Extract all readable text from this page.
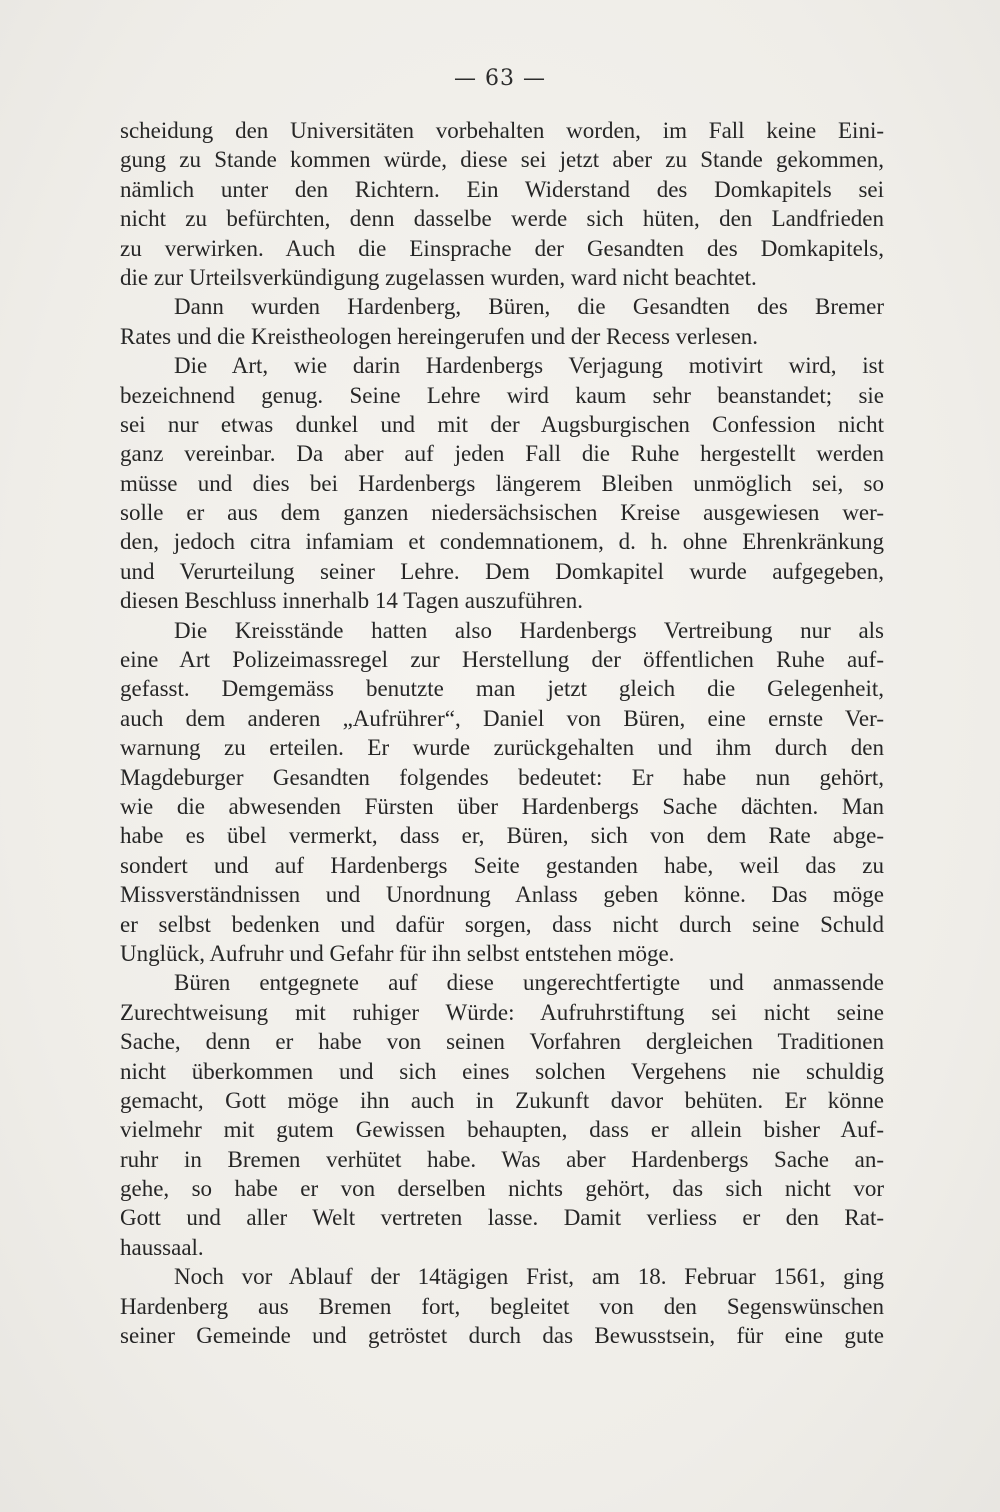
— 63 —
scheidung den Universitäten vorbehalten worden, im Fall keine Eini-
gung zu Stande kommen würde, diese sei jetzt aber zu Stande gekommen,
nämlich unter den Richtern. Ein Widerstand des Domkapitels sei
nicht zu befürchten, denn dasselbe werde sich hüten, den Landfrieden
zu verwirken. Auch die Einsprache der Gesandten des Domkapitels,
die zur Urteilsverkündigung zugelassen wurden, ward nicht beachtet.
Dann wurden Hardenberg, Büren, die Gesandten des Bremer
Rates und die Kreistheologen hereingerufen und der Recess verlesen.
Die Art, wie darin Hardenbergs Verjagung motivirt wird, ist
bezeichnend genug. Seine Lehre wird kaum sehr beanstandet; sie
sei nur etwas dunkel und mit der Augsburgischen Confession nicht
ganz vereinbar. Da aber auf jeden Fall die Ruhe hergestellt werden
müsse und dies bei Hardenbergs längerem Bleiben unmöglich sei, so
solle er aus dem ganzen niedersächsischen Kreise ausgewiesen wer-
den, jedoch citra infamiam et condemnationem, d. h. ohne Ehrenkränkung
und Verurteilung seiner Lehre. Dem Domkapitel wurde aufgegeben,
diesen Beschluss innerhalb 14 Tagen auszuführen.
Die Kreisstände hatten also Hardenbergs Vertreibung nur als
eine Art Polizeimassregel zur Herstellung der öffentlichen Ruhe auf-
gefasst. Demgemäss benutzte man jetzt gleich die Gelegenheit,
auch dem anderen „Aufrührer“, Daniel von Büren, eine ernste Ver-
warnung zu erteilen. Er wurde zurückgehalten und ihm durch den
Magdeburger Gesandten folgendes bedeutet: Er habe nun gehört,
wie die abwesenden Fürsten über Hardenbergs Sache dächten. Man
habe es übel vermerkt, dass er, Büren, sich von dem Rate abge-
sondert und auf Hardenbergs Seite gestanden habe, weil das zu
Missverständnissen und Unordnung Anlass geben könne. Das möge
er selbst bedenken und dafür sorgen, dass nicht durch seine Schuld
Unglück, Aufruhr und Gefahr für ihn selbst entstehen möge.
Büren entgegnete auf diese ungerechtfertigte und anmassende
Zurechtweisung mit ruhiger Würde: Aufruhrstiftung sei nicht seine
Sache, denn er habe von seinen Vorfahren dergleichen Traditionen
nicht überkommen und sich eines solchen Vergehens nie schuldig
gemacht, Gott möge ihn auch in Zukunft davor behüten. Er könne
vielmehr mit gutem Gewissen behaupten, dass er allein bisher Auf-
ruhr in Bremen verhütet habe. Was aber Hardenbergs Sache an-
gehe, so habe er von derselben nichts gehört, das sich nicht vor
Gott und aller Welt vertreten lasse. Damit verliess er den Rat-
haussaal.
Noch vor Ablauf der 14tägigen Frist, am 18. Februar 1561, ging
Hardenberg aus Bremen fort, begleitet von den Segenswünschen
seiner Gemeinde und getröstet durch das Bewusstsein, für eine gute
